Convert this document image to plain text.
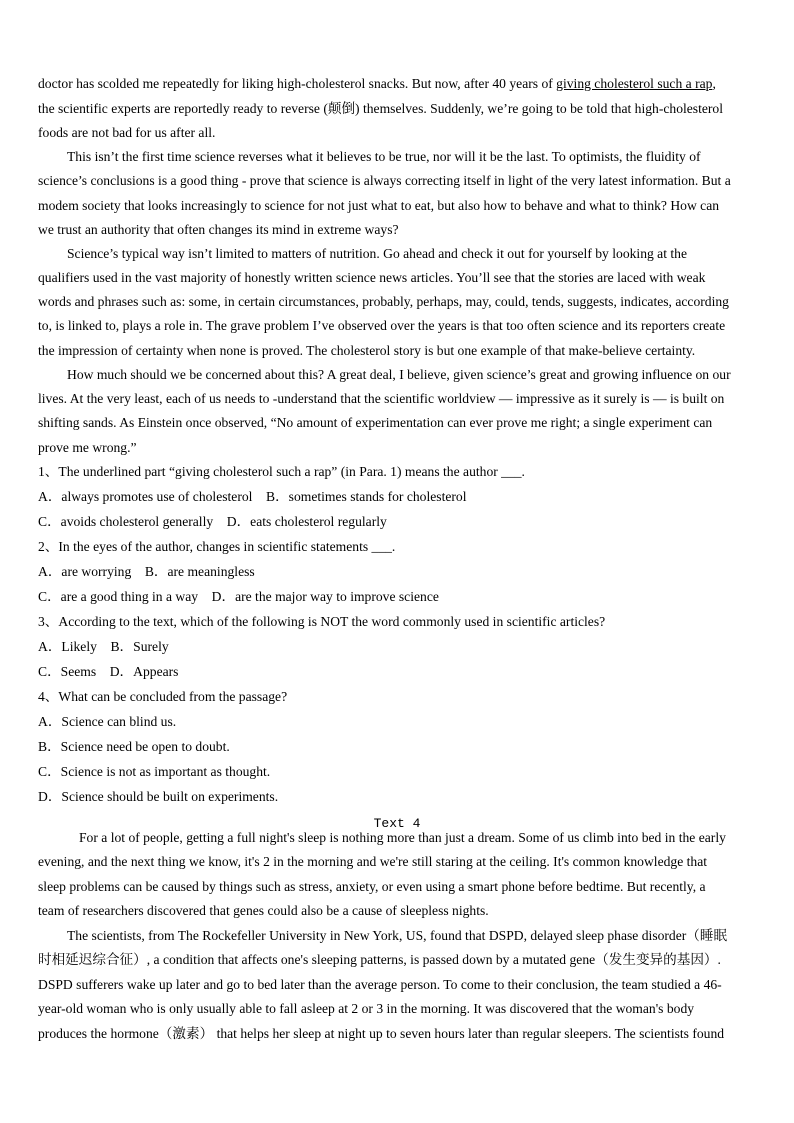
doctor has scolded me repeatedly for liking high-cholesterol snacks. But now, after 40 years of giving cholesterol such a rap,
Text 4
the scientific experts are reportedly ready to reverse (颠倒) themselves. Suddenly, we’re going to be told that high-cholesterol
foods are not bad for us after all.
This isn’t the first time science reverses what it believes to be true, nor will it be the last. To optimists, the fluidity of
science’s conclusions is a good thing - prove that science is always correcting itself in light of the very latest information. But a
modem society that looks increasingly to science for not just what to eat, but also how to behave and what to think? How can
we trust an authority that often changes its mind in extreme ways?
Science’s typical way isn’t limited to matters of nutrition. Go ahead and check it out for yourself by looking at the
qualifiers used in the vast majority of honestly written science news articles. You’ll see that the stories are laced with weak
words and phrases such as: some, in certain circumstances, probably, perhaps, may, could, tends, suggests, indicates, according
to, is linked to, plays a role in. The grave problem I’ve observed over the years is that too often science and its reporters create
the impression of certainty when none is proved. The cholesterol story is but one example of that make-believe certainty.
How much should we be concerned about this? A great deal, I believe, given science’s great and growing influence on our
lives. At the very least, each of us needs to -understand that the scientific worldview — impressive as it surely is — is built on
shifting sands. As Einstein once observed, “No amount of experimentation can ever prove me right; a single experiment can
prove me wrong.”
1、The underlined part “giving cholesterol such a rap” (in Para. 1) means the author ___.
A．always promotes use of cholesterol　B．sometimes stands for cholesterol
C．avoids cholesterol generally　D．eats cholesterol regularly
2、In the eyes of the author, changes in scientific statements ___.
A．are worrying　B．are meaningless
C．are a good thing in a way　D．are the major way to improve science
3、According to the text, which of the following is NOT the word commonly used in scientific articles?
A．Likely　B．Surely
C．Seems　D．Appears
4、What can be concluded from the passage?
A．Science can blind us.
B．Science need be open to doubt.
C．Science is not as important as thought.
D．Science should be built on experiments.
For a lot of people, getting a full night's sleep is nothing more than just a dream. Some of us climb into bed in the early
evening, and the next thing we know, it's 2 in the morning and we're still staring at the ceiling. It's common knowledge that
sleep problems can be caused by things such as stress, anxiety, or even using a smart phone before bedtime. But recently, a
team of researchers discovered that genes could also be a cause of sleepless nights.
The scientists, from The Rockefeller University in New York, US, found that DSPD, delayed sleep phase disorder（睡眠
时相延迟综合征）, a condition that affects one's sleeping patterns, is passed down by a mutated gene（发生变异的基因）.
DSPD sufferers wake up later and go to bed later than the average person. To come to their conclusion, the team studied a 46-
year-old woman who is only usually able to fall asleep at 2 or 3 in the morning. It was discovered that the woman's body
produces the hormone（激素） that helps her sleep at night up to seven hours later than regular sleepers. The scientists found
